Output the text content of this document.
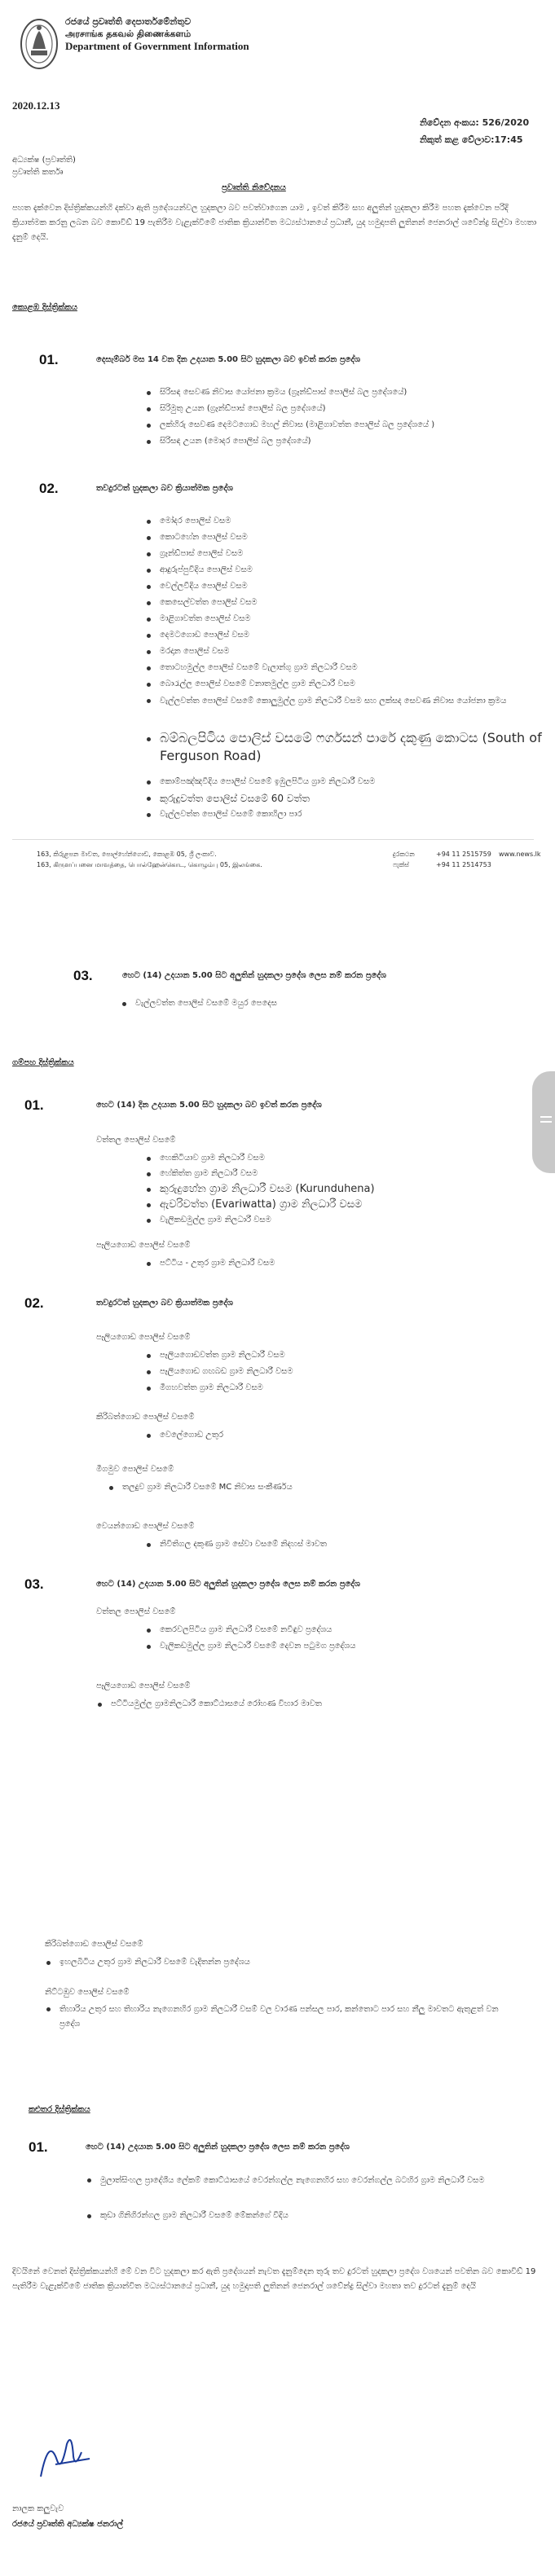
රජයේ ප්‍රවෘත්ති දෙපාර්තමේන්තුව
அரசாங்க தகவல் திணைக்களம்
Department of Government Information
2020.12.13
නිවේදන අංකය: 526/2020
නිකුත් කළ වේලාව:17:45
අධ්‍යක්ෂ (ප්‍රවෘත්ති)
ප්‍රවෘත්ති කර්තෘ
ප්‍රවෘත්ති නිවේදනය
පහත දැක්වෙන දිස්ත්‍රික්කයන්හි දක්වා ඇති ප්‍රදේශයන්වල හුදකලා බව පවත්වාගෙන යාම , ඉවත් කිරීම සහ අලුතින් හුදකලා කිරීම පහත දැක්වෙන පරිදි ක්‍රියාත්මක කරනු ලබන බව කොවිඩ් 19 පැතිරීම වැළැක්වීමේ ජාතික ක්‍රියාන්විත මධ්‍යස්ථානයේ ප්‍රධානී, යුද හමුදාපති ලුතිනන් ජෙනරාල් ශවේන්ද්‍ර සිල්වා මහතා දැනුම් දෙයි.
කොළඹ දිස්ත්‍රික්කය
01.	දෙසැම්බර් මස 14 වන දින උදයාන 5.00 සිට හුදකලා බව ඉවත් කරන ප්‍රදේශ
සිරිසඳ සෙවණ නිවාස යෝජනා ක්‍රමය (ග්‍රෑන්ඩ්පාස් පොලිස් බල ප්‍රදේශයේ)
සිරිමුතු උයන (ග්‍රෑන්ඩ්පාස් පොලිස් බල ප්‍රදේශයේ)
ලක්හිරු සෙවණ දෙමටගොඩ මහල් නිවාස (මාළිගාවත්ත පොලිස් බල ප්‍රදේශයේ )
සිරිසඳ උයන (මොදර පොලිස් බල ප්‍රදේශයේ)
02.	තවදුරටත් හුදකලා බව ක්‍රියාත්මක ප්‍රදේශ
මෝදර පොලිස් වසම
කොටහේන පොලිස් වසම
ග්‍රෑන්ඩ්පාස් පොලිස් වසම
ආදුරුප්පුවීදිය පොලිස් වසම
වෙල්ලවීදිය පොලිස් වසම
කෙසෙල්වත්ත පොලිස් වසම
මාළිගාවත්ත පොලිස් වසම
දෙමටගොඩ පොලිස් වසම
මරදාන පොලිස් වසම
තොටහමුල්ල පොලිස් වසමේ වැලාන්ගු ග්‍රාම නිලධාරී වසම
බොරැල්ල පොලිස් වසමේ වනාතමුල්ල ග්‍රාම නිලධාරී වසම
වැල්ලවත්ත පොලිස් වසමේ කොලුමුල්ල ග්‍රාම නිලධාරී වසම සහ ලක්සද සෙවණ නිවාස යෝජනා ක්‍රමය
බම්බලපිටිය පොලිස් වසමේ ෆර්ගසන් පාරේ දකුණු කොටස (South of Ferguson Road)
කොම්පඤ්ඤවීදිය පොලිස් වසමේ ඉඹුලපිටිය ග්‍රාම නිලධාරී වසම
කුරුදුවත්ත පොලිස් වසමේ 60 වත්ත
වැල්ලවත්ත පොලිස් වසමේ කොහිලා පාර
163, කිරුළපන මාවත, පොල්හේන්ගොඩ, කොළඹ 05, ශ්‍රී ලංකාව.
163, கிருளப்பனை மாவத்தை, பொல்ஹேன்கொட, கொழும்பு 05, இலங்கை.
දුරකථන	+94 11 2515759
ෆැක්ස්	+94 11 2514753
www.news.lk
03.	හෙට (14) උදයාන 5.00 සිට අලුතින් හුදකලා ප්‍රදේශ ලෙස නම් කරන ප්‍රදේශ
වැල්ලවත්ත පොලිස් වසමේ මයුර පෙදෙස
ගම්පහ දිස්ත්‍රික්කය
01.	හෙට (14) දින උදයාන 5.00 සිට හුදකලා බව ඉවත් කරන ප්‍රදේශ
වත්තල පොලිස් වසමේ
හෙකිටියාව ග්‍රාම නිලධාරී වසම
හේකිත්ත ග්‍රාම නිලධාරී වසම
කුරුදුහේන ග්‍රාම නිලධාරී වසම (Kurunduhena)
ඇවරිවත්ත (Evariwatta) ග්‍රාම නිලධාරී වසම
වැලිකඩමුල්ල ග්‍රාම නිලධාරී වසම
පෑලියගොඩ පොලිස් වසමේ
පට්ටිය - උතුර ග්‍රාම නිලධාරී වසම
02.	තවදුරටත් හුදකලා බව ක්‍රියාත්මක ප්‍රදේශ
පෑලියගොඩ පොලිස් වසමේ
පෑලියගොඩවත්ත ග්‍රාම නිලධාරී වසම
පෑලියගොඩ ගඟබඩ ග්‍රාම නිලධාරී වසම
මීගහවත්ත ග්‍රාම නිලධාරී වසම
කිරිබත්ගොඩ පොලිස් වසමේ
වෙලේගොඩ උතුර
මීගමුව පොලිස් වසමේ
තලදුව ග්‍රාම නිලධාරී වසමේ MC නිවාස සංකීර්ණය
වෙයන්ගොඩ පොලිස් වසමේ
නිවිතිගල දකුණ ග්‍රාම සේවා වසමේ නිදහස් මාවත
03.	හෙට (14) උදයාන 5.00 සිට අලුතින් හුදකලා ප්‍රදේශ ලෙස නම් කරන ප්‍රදේශ
වත්තල පොලිස් වසමේ
කෙරවලපිටිය ග්‍රාම නිලධාරී වසමේ නවීඳුව ප්‍රදේශය
වැලිකඩමුල්ල ග්‍රාම නිලධාරී වසමේ දෙවන පටුමග ප්‍රදේශය
පෑලියගොඩ පොලිස් වසමේ
පට්ටියමුල්ල ග්‍රාමනිලධාරී කොට්ඨාසයේ රෝහණ විහාර මාවත
කිරිබත්ගොඩ පොලිස් වසමේ
ඉහලබිටිය උතුර ග්‍රාම නිලධාරී වසමේ වැදිතන්න ප්‍රදේශය
නිට්ටඹුව පොලිස් වසමේ
තිහාරිය උතුර සහ තිහාරිය නැගෙනහිර ග්‍රාම නිලධාරී වසම් වල වාරණ පන්සල පාර, කන්තොට පාර සහ නීලු මාවතට ඇතුළත් වන ප්‍රදේශ
කළුතර දිස්ත්‍රික්කය
01.	හෙට (14) උදයාන 5.00 සිට අලුතින් හුදකලා ප්‍රදේශ ලෙස නම් කරන ප්‍රදේශ
මුලාත්සිංහල ප්‍රාදේශීය ලේකම් කොට්ඨාසයේ වෙරන්ගල්ල නැගෙනහිර සහ වෙරන්ගල්ල බටහිර ග්‍රාම නිලධාරී වසම
කුඩා ගිනිගිරන්ගල ග්‍රාම නිලධාරී වසමේ මේකන්ගේ වීදිය
දිවයිනේ වෙනත් දිස්ත්‍රික්කයන්හි මේ වන විට හුදකලා කර ඇති ප්‍රදේශයන් නැවත දැනුම්දෙන තුරු තව දුරටත් හුදකලා ප්‍රදේශ වශයෙන් පවතින බව කොවිඩ් 19 පැතිරීම වැළැක්වීමේ ජාතික ක්‍රියාන්විත මධ්‍යස්ථානයේ ප්‍රධානී, යුද හමුදාපති ලුතිනන් ජෙනරාල් ශවේන්ද්‍ර සිල්වා මහතා තව දුරටත් දැනුම් දෙයි
නාලක කලුවැව
රජයේ ප්‍රවෘත්ති අධ්‍යක්ෂ ජනරාල්
